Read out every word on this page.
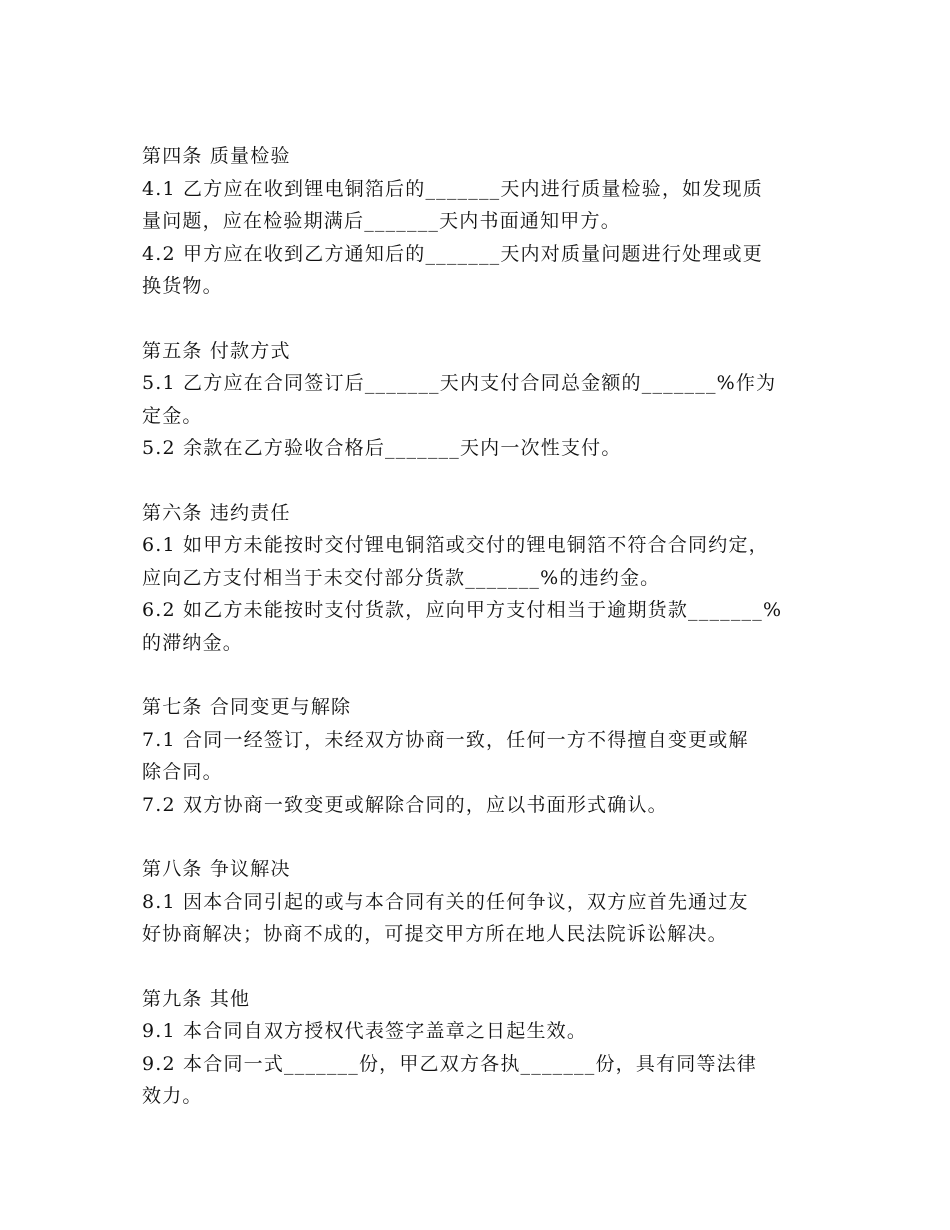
第四条 质量检验
4.1 乙方应在收到锂电铜箔后的_______天内进行质量检验，如发现质
量问题，应在检验期满后_______天内书面通知甲方。
4.2 甲方应在收到乙方通知后的_______天内对质量问题进行处理或更
换货物。
第五条 付款方式
5.1 乙方应在合同签订后_______天内支付合同总金额的_______%作为
定金。
5.2 余款在乙方验收合格后_______天内一次性支付。
第六条 违约责任
6.1 如甲方未能按时交付锂电铜箔或交付的锂电铜箔不符合合同约定，
应向乙方支付相当于未交付部分货款_______%的违约金。
6.2 如乙方未能按时支付货款，应向甲方支付相当于逾期货款_______%
的滞纳金。
第七条 合同变更与解除
7.1 合同一经签订，未经双方协商一致，任何一方不得擅自变更或解
除合同。
7.2 双方协商一致变更或解除合同的，应以书面形式确认。
第八条 争议解决
8.1 因本合同引起的或与本合同有关的任何争议，双方应首先通过友
好协商解决；协商不成的，可提交甲方所在地人民法院诉讼解决。
第九条 其他
9.1 本合同自双方授权代表签字盖章之日起生效。
9.2 本合同一式_______份，甲乙双方各执_______份，具有同等法律
效力。
